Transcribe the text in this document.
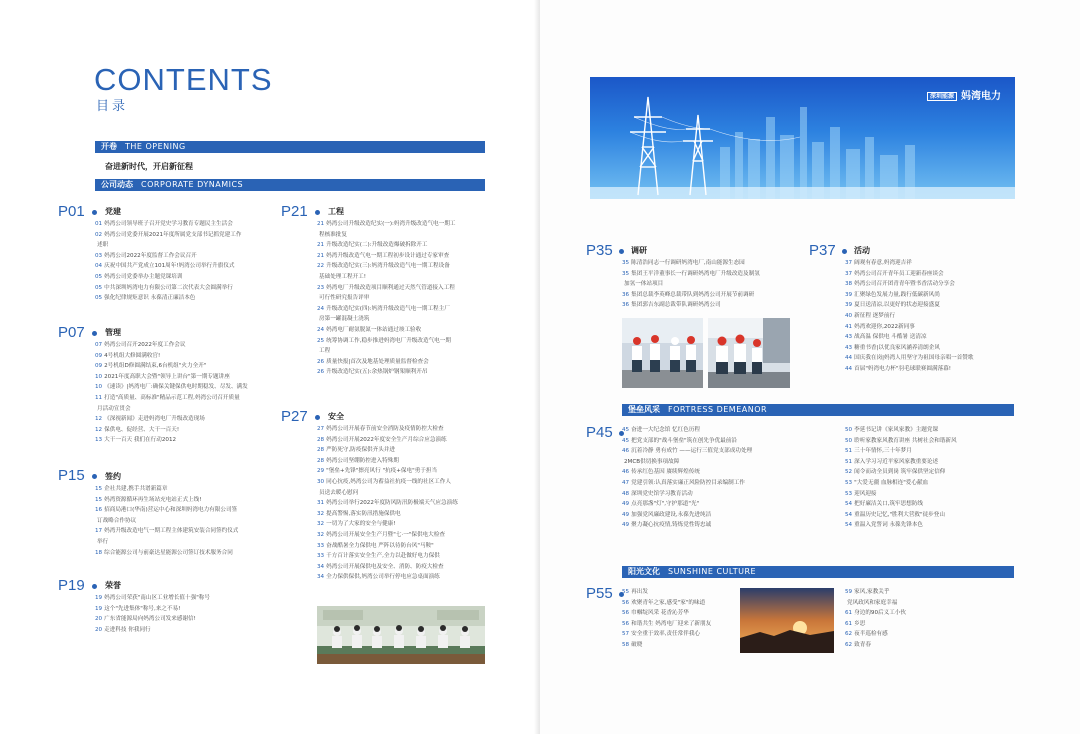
CONTENTS
目录
开卷 THE OPENING
奋进新时代，开启新征程
公司动态 CORPORATE DYNAMICS
P01	党建
01 妈湾公司领导班子召开党史学习教育专题民主生活会
02 妈湾公司党委开展2021年度所属党支部书记抓党建工作
述职
03 妈湾公司2022年度监督工作会议召开
04 庆祝中国共产党成立101周年!妈湾公司举行升旗仪式
05 妈湾公司党委举办主题党课培训
05 中共深圳妈湾电力有限公司第二次代表大会圆满举行
05 强化纪律规矩意识 永葆清正廉洁本色
P07	管理
07 妈湾公司召开2022年度工作会议
09 4号机组大修圆满收官!
09 2号机组D修圆满结束,6台机组"火力全开"
10 2021年度高职大会暨"领导上讲台"第一期专题讲座
10 《速读》|妈湾电厂:确保关键保供电时期稳发、尽发、满发
11 打造"高质量、高标准"精品示范工程,妈湾公司召开质量
月活动宣贯会
12 《深视新闻》走进妈湾电厂升级改造现场
12 保供电、促经营、大干一百天!
13 大干一百天 我们在行动2012
P15	签约
15 企社共建,携手共谱新篇章
15 妈湾资源循环再生场站充电站正式上线!
16 招商局港口(华南)营运中心和深圳妈湾电力有限公司签
订战略合作协议
17 妈湾升级改造电气一期工程主体建筑安装合同签约仪式
举行
18 综合能源公司与前豪达星能源公司签订技术服务合同
P19	荣誉
19 妈湾公司荣获"南山区工业增长值十强"称号
19 这个"先进集体"称号,来之不易!
20 广东省能源局向妈湾公司发来感谢信!
20 走进科技 你我同行
P21	工程
21 妈湾公司升级改造纪实(一):妈湾升级改造气电一期工
程核准批复
21 升级改造纪实(二):升级改造爆破拆除开工
21 妈湾升级改造气电一期工程初步设计通过专家审查
22 升级改造纪实(三):妈湾升级改造气电一期工程设备
基础处理工程开工!
23 妈湾电厂升级改造项目顺利通过天然气管道接入工程
可行性研究报告评审
24 升级改造纪实(四):妈湾升级改造气电一期工程主厂
房第一罐混凝土浇筑
24 妈湾电厂耐氨脱氮一体站通过竣工验收
25 统筹协调工作,稳步推进妈湾电厂升级改造气电一期
工程
26 质量快报|首次及地基处理质量监督检查会
26 升级改造纪实(五):余热锅炉钢架顺利开吊
P27	安全
27 妈湾公司开展春节前安全消防及疫情防控大检查
28 妈湾公司开展2022年度安全生产月综合应急演练
28 严防死守,防疫保供齐头并进
28 妈湾公司坚绷防控进入特殊期
29 "堡垒+先锋"擦亮风行 "抗疫+保电"勇于担当
30 同心抗疫,妈湾公司为蓄益社抗疫一线的社区工作人
员送去暖心慰问
31 妈湾公司举行2022年度防风防汛防极端天气应急演练
32 提高警惕,落实防汛措施保供电
32 一切为了大家的安全与健康!
32 妈湾公司开展安全生产月暨"七·一"保供电大检查
33 奋战酷暑全力保供电 严阵以待防台风"马鞍"
33 千方百计落实安全生产,全力以赴做好电力保供
34 妈湾公司开展保供电及安全、消防、防疫大检查
34 全力保供保供,妈湾公司举行停电应急桌面演练
深圳能源 妈湾电力
P35 调研
35 陈清浩同志一行调研妈湾电厂,南山能源生态园
35 集团王平洋董事长一行调研妈湾电厂升级改造及制氢
加氢一体站项目
36 集团总裁李英峰总裁带队到妈湾公司开展节前调研
36 集团郭吉东副总裁带队调研妈湾公司
P37 活动
37 阔观有春意,妈湾迎吉祥
37 妈湾公司召开青年员工迎新春座谈会
38 妈湾公司召开团青青年暨书香活动分享会
39 汇聚绿色发展力量,践行低碳新风尚
39 夏日送清凉,以更好的状态迎接盛夏
40 新征程 逐梦前行
41 妈湾欢迎你,2022新同事
43 战高温 保供电 斗酷暑 送清凉
43 糖重书香|以优良家风涵养清朗企风
44 国庆我在岗|妈湾人用坚守为祖国母亲唱一首赞歌
44 首届"妈湾电力杯"羽毛球联赛圆满落幕!
堡垒风采 FORTRESS DEMEANOR
P45 45 奋进一大纪念馆 忆红色历程
45 把党支部的"战斗堡垒"筑在创先争优最前沿
46 沉着冷静 勇有成竹 ——运行三值党支部成功处理
2MCB供切换事项故障
46 传承红色基因 赓续辉煌传统
47 党建引领:认真落实廉正风险防控目录编制工作
48 深圳党史馆学习教育活动
49 点亮那盏"灯",守护那道"光"
49 加强党风廉政建设,永葆先进纯洁
49 聚力凝心抗疫情,铸炼党性铸忠诚
50 李延书记讲《家风家教》主题党课
50 聆听家教家风教育讲座 共树社会和谐新风
51 三十年情怀,三十年梦月
51 深入学习习近平家风家教重要论述
52 闻令而动全员到岗 筑牢保供坚定信仰
53 "大爱无疆 血脉相连"爱心献血
53 迎风迎接
54 把好廉洁关口,筑牢思想防线
54 重温历史记忆,"胜利大营救"徒步登山
54 重温入党誓词 永葆先锋本色
阳光文化 SUNSHINE CULTURE
P55 55 再出发
56 欢聚青年之家,感受"家"的味道
56 巾帼绽风采 花香沁芳华
56 和谐共生 妈湾电厂迎来了新朋友
57 安全重于效率,责任常伴我心
58 破晓
59 家风,家教关乎
党风政风和家庭幸福
61 身边的90后义工小伙
61 乡思
62 夜半巡检有感
62 致青春
